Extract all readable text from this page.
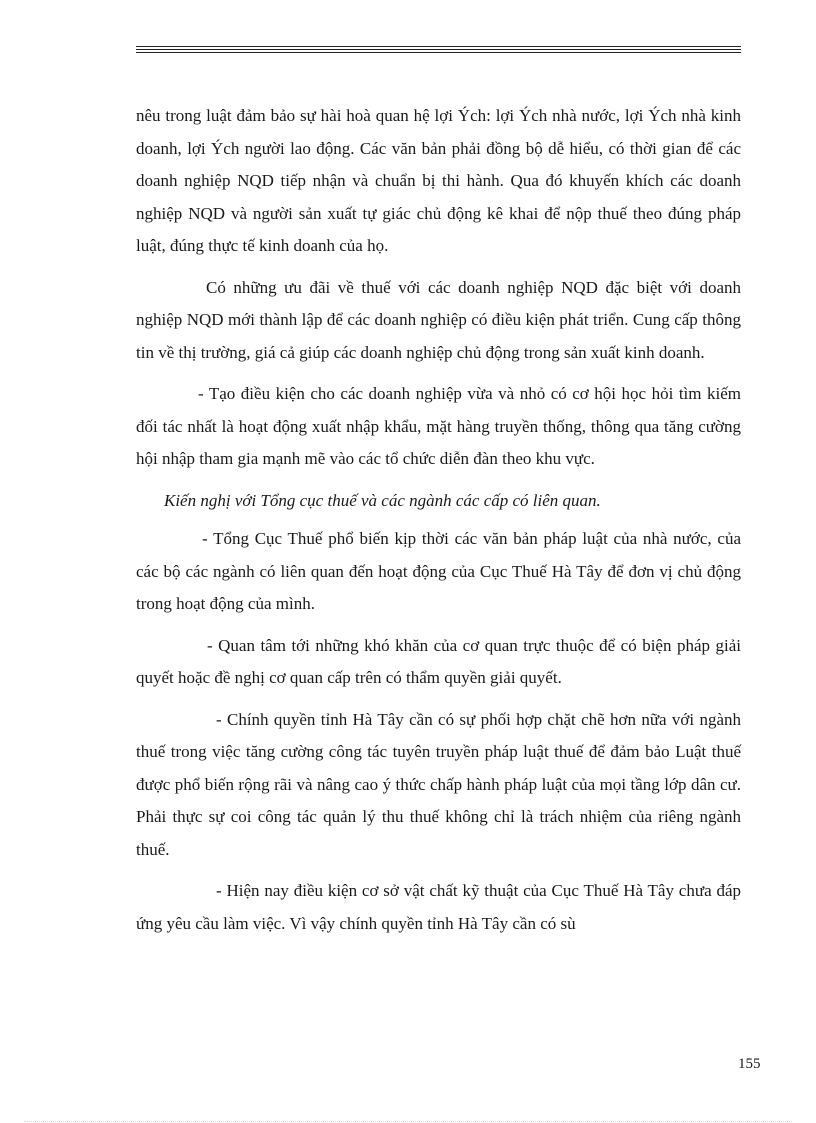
nêu trong luật đảm bảo sự hài hoà quan hệ lợi Ých: lợi Ých nhà nước, lợi Ých nhà kinh doanh, lợi Ých người lao động. Các văn bản phải đồng bộ dễ hiểu, có thời gian để các doanh nghiệp NQD tiếp nhận và chuẩn bị thi hành. Qua đó khuyến khích các doanh nghiệp NQD và người sản xuất tự giác chủ động kê khai để nộp thuế theo đúng pháp luật, đúng thực tế kinh doanh của họ.

Có những ưu đãi về thuế với các doanh nghiệp NQD đặc biệt với doanh nghiệp NQD mới thành lập để các doanh nghiệp có điều kiện phát triển. Cung cấp thông tin về thị trường, giá cả giúp các doanh nghiệp chủ động trong sản xuất kinh doanh.

- Tạo điều kiện cho các doanh nghiệp vừa và nhỏ có cơ hội học hỏi tìm kiếm đối tác nhất là hoạt động xuất nhập khẩu, mặt hàng truyền thống, thông qua tăng cường hội nhập tham gia mạnh mẽ vào các tổ chức diễn đàn theo khu vực.

Kiến nghị với Tổng cục thuế và các ngành các cấp có liên quan.

- Tổng Cục Thuế phổ biến kịp thời các văn bản pháp luật của nhà nước, của các bộ các ngành có liên quan đến hoạt động của Cục Thuế Hà Tây để đơn vị chủ động trong hoạt động của mình.

- Quan tâm tới những khó khăn của cơ quan trực thuộc để có biện pháp giải quyết hoặc đề nghị cơ quan cấp trên có thẩm quyền giải quyết.

- Chính quyền tỉnh Hà Tây cần có sự phối hợp chặt chẽ hơn nữa với ngành thuế trong việc tăng cường công tác tuyên truyền pháp luật thuế để đảm bảo Luật thuế được phổ biến rộng rãi và nâng cao ý thức chấp hành pháp luật của mọi tầng lớp dân cư. Phải thực sự coi công tác quản lý thu thuế không chỉ là trách nhiệm của riêng ngành thuế.

- Hiện nay điều kiện cơ sở vật chất kỹ thuật của Cục Thuế Hà Tây chưa đáp ứng yêu cầu làm việc. Vì vậy chính quyền tỉnh Hà Tây cần có sù

155
